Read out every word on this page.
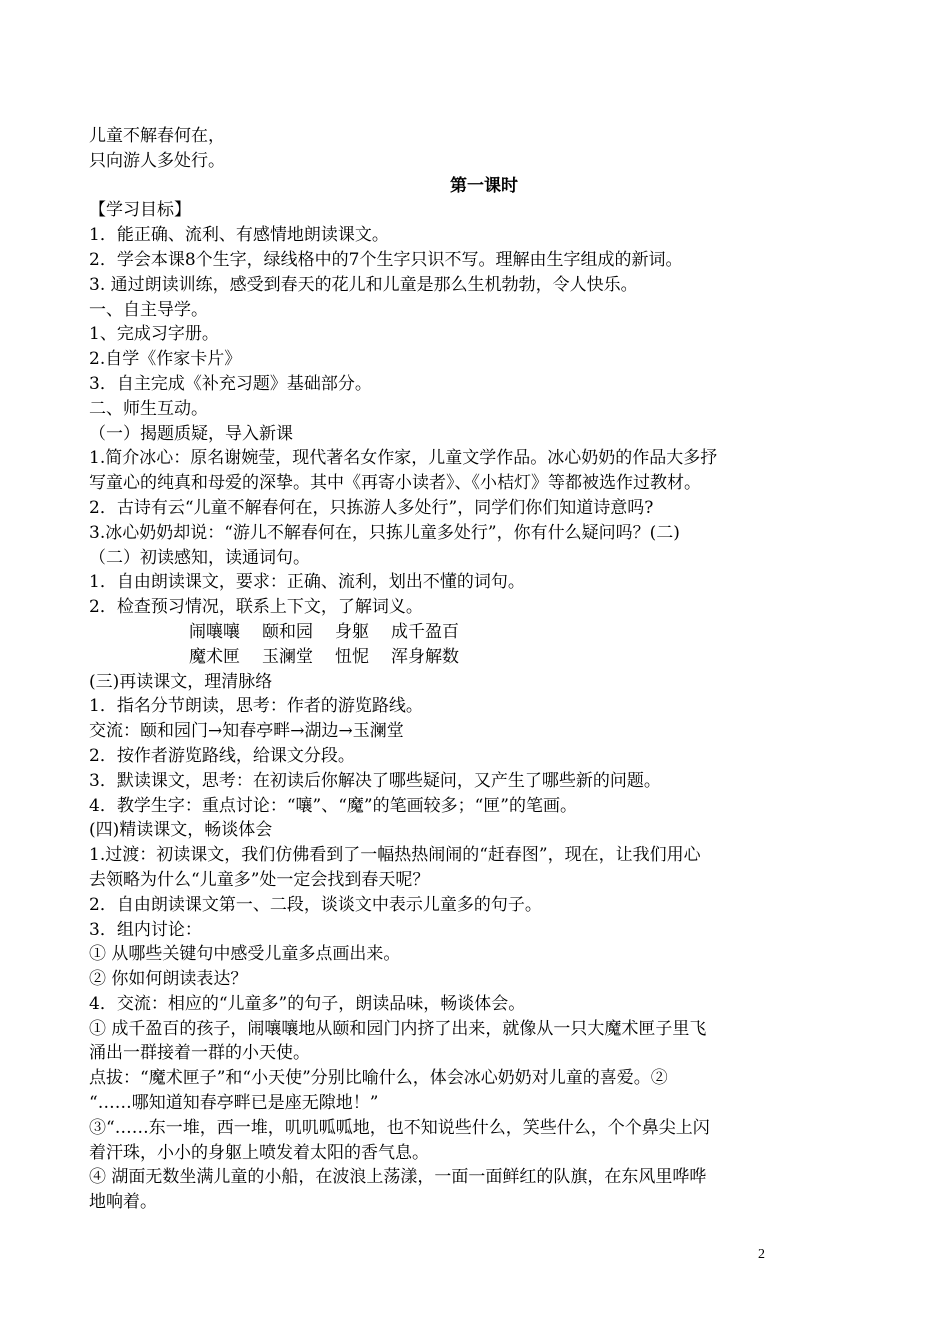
儿童不解春何在，
只向游人多处行。
第一课时
【学习目标】
1．能正确、流利、有感情地朗读课文。
2．学会本课8个生字，绿线格中的7个生字只识不写。理解由生字组成的新词。
3. 通过朗读训练，感受到春天的花儿和儿童是那么生机勃勃，令人快乐。
一、自主导学。
1、完成习字册。
2.自学《作家卡片》
3．自主完成《补充习题》基础部分。
二、师生互动。
（一）揭题质疑，导入新课
1.简介冰心：原名谢婉莹，现代著名女作家，儿童文学作品。冰心奶奶的作品大多抒
写童心的纯真和母爱的深挚。其中《再寄小读者》、《小桔灯》等都被选作过教材。
2．古诗有云“儿童不解春何在，只拣游人多处行”，同学们你们知道诗意吗?
3.冰心奶奶却说：“游儿不解春何在，只拣儿童多处行”，你有什么疑问吗？(二)
（二）初读感知，读通词句。
1．自由朗读课文，要求：正确、流利，划出不懂的词句。
2．检查预习情况，联系上下文，了解词义。
闹嚷嚷 颐和园 身躯 成千盈百
魔术匣 玉澜堂 忸怩 浑身解数
(三)再读课文，理清脉络
1．指名分节朗读，思考：作者的游览路线。
交流：颐和园门→知春亭畔→湖边→玉澜堂
2．按作者游览路线，给课文分段。
3．默读课文，思考：在初读后你解决了哪些疑问，又产生了哪些新的问题。
4．教学生字：重点讨论：“嚷”、“魔”的笔画较多；“匣”的笔画。
(四)精读课文，畅谈体会
1.过渡：初读课文，我们仿佛看到了一幅热热闹闹的“赶春图”，现在，让我们用心
去领略为什么“儿童多”处一定会找到春天呢？
2．自由朗读课文第一、二段，谈谈文中表示儿童多的句子。
3．组内讨论：
① 从哪些关键句中感受儿童多点画出来。
② 你如何朗读表达？
4．交流：相应的“儿童多”的句子，朗读品味，畅谈体会。
① 成千盈百的孩子，闹嚷嚷地从颐和园门内挤了出来，就像从一只大魔术匣子里飞
涌出一群接着一群的小天使。
点拔：“魔术匣子”和“小天使”分别比喻什么，体会冰心奶奶对儿童的喜爱。②
“……哪知道知春亭畔已是座无隙地！”
③“……东一堆，西一堆，叽叽呱呱地，也不知说些什么，笑些什么，个个鼻尖上闪
着汗珠，小小的身躯上喷发着太阳的香气息。
④ 湖面无数坐满儿童的小船，在波浪上荡漾，一面一面鲜红的队旗，在东风里哗哗
地响着。
2
